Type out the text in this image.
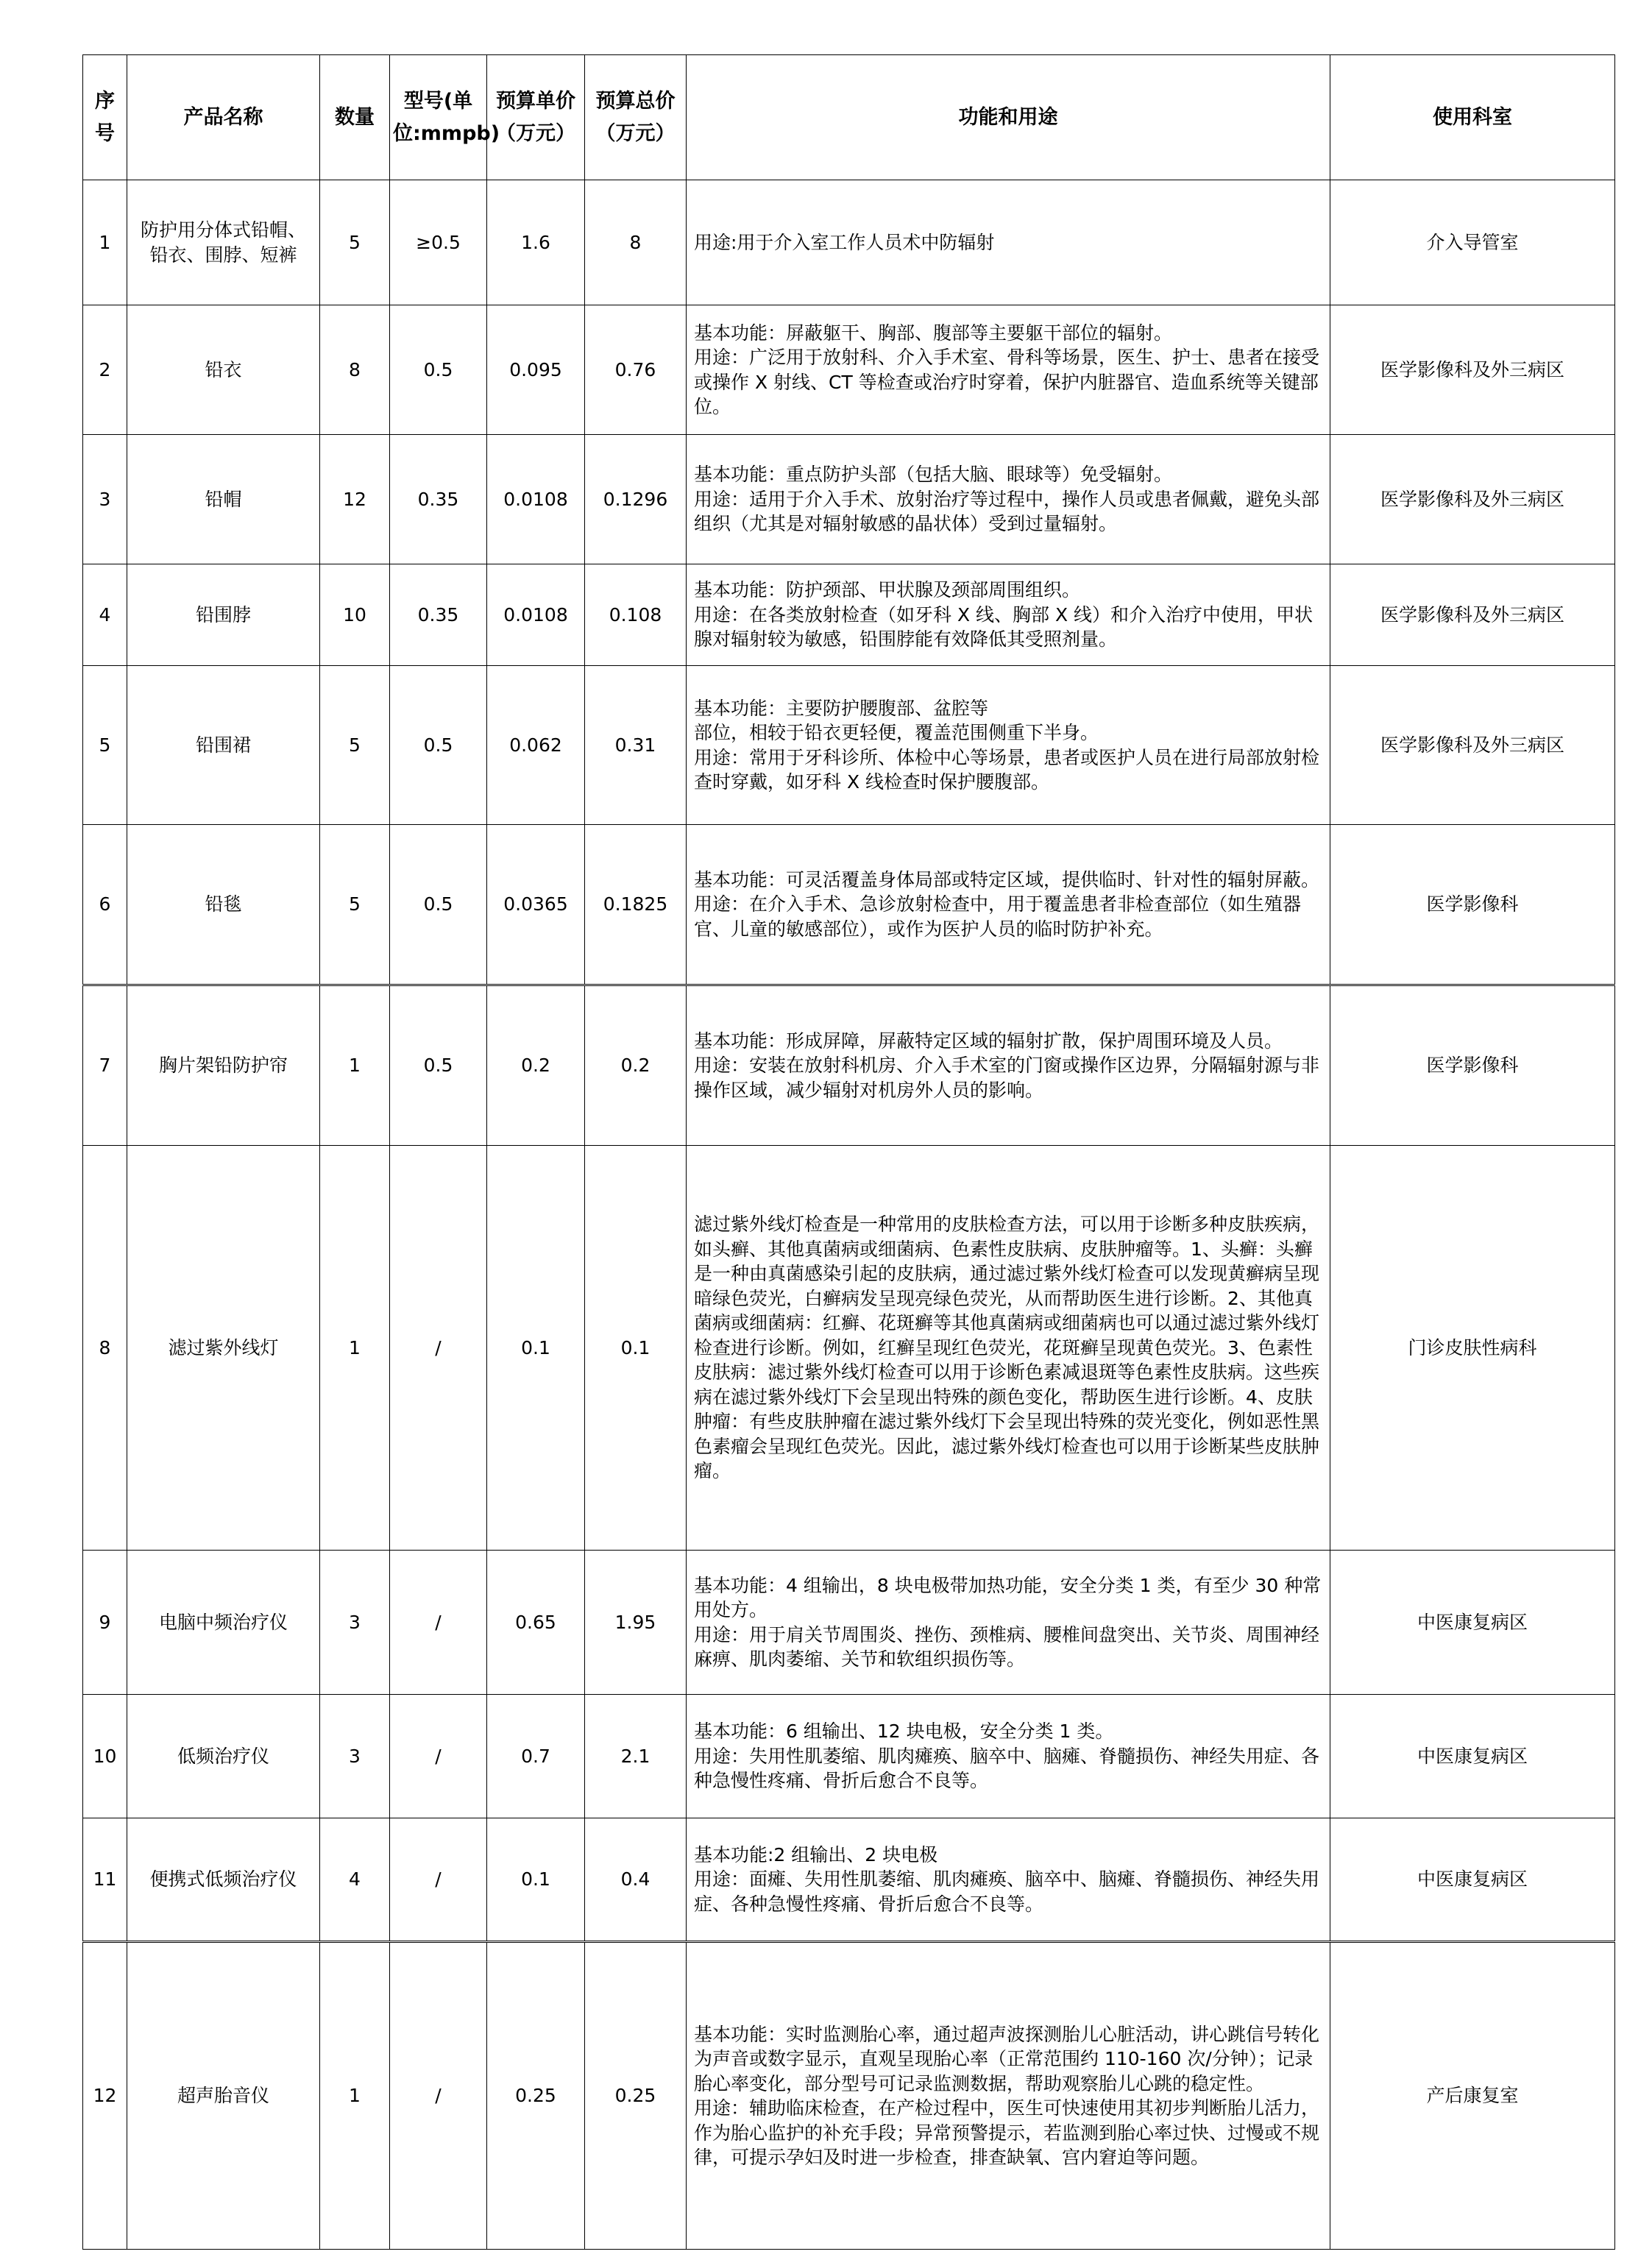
序号	产品名称	数量	型号(单位:mmpb)	预算单价（万元）	预算总价（万元）	功能和用途	使用科室
1	防护用分体式铅帽、铅衣、围脖、短裤	5	≥0.5	1.6	8	用途:用于介入室工作人员术中防辐射	介入导管室
2	铅衣	8	0.5	0.095	0.76	基本功能：屏蔽躯干、胸部、腹部等主要躯干部位的辐射。
用途：广泛用于放射科、介入手术室、骨科等场景，医生、护士、患者在接受或操作 X 射线、CT 等检查或治疗时穿着，保护内脏器官、造血系统等关键部位。	医学影像科及外三病区
3	铅帽	12	0.35	0.0108	0.1296	基本功能：重点防护头部（包括大脑、眼球等）免受辐射。
用途：适用于介入手术、放射治疗等过程中，操作人员或患者佩戴，避免头部组织（尤其是对辐射敏感的晶状体）受到过量辐射。	医学影像科及外三病区
4	铅围脖	10	0.35	0.0108	0.108	基本功能：防护颈部、甲状腺及颈部周围组织。
用途：在各类放射检查（如牙科 X 线、胸部 X 线）和介入治疗中使用，甲状腺对辐射较为敏感，铅围脖能有效降低其受照剂量。	医学影像科及外三病区
5	铅围裙	5	0.5	0.062	0.31	基本功能：主要防护腰腹部、盆腔等
部位，相较于铅衣更轻便，覆盖范围侧重下半身。
用途：常用于牙科诊所、体检中心等场景，患者或医护人员在进行局部放射检查时穿戴，如牙科 X 线检查时保护腰腹部。	医学影像科及外三病区
6	铅毯	5	0.5	0.0365	0.1825	基本功能：可灵活覆盖身体局部或特定区域，提供临时、针对性的辐射屏蔽。
用途：在介入手术、急诊放射检查中，用于覆盖患者非检查部位（如生殖器官、儿童的敏感部位），或作为医护人员的临时防护补充。	医学影像科
7	胸片架铅防护帘	1	0.5	0.2	0.2	基本功能：形成屏障，屏蔽特定区域的辐射扩散，保护周围环境及人员。
用途：安装在放射科机房、介入手术室的门窗或操作区边界，分隔辐射源与非操作区域，减少辐射对机房外人员的影响。	医学影像科
8	滤过紫外线灯	1	/	0.1	0.1	滤过紫外线灯检查是一种常用的皮肤检查方法，可以用于诊断多种皮肤疾病，如头癣、其他真菌病或细菌病、色素性皮肤病、皮肤肿瘤等。1、头癣：头癣是一种由真菌感染引起的皮肤病，通过滤过紫外线灯检查可以发现黄癣病呈现暗绿色荧光，白癣病发呈现亮绿色荧光，从而帮助医生进行诊断。2、其他真菌病或细菌病：红癣、花斑癣等其他真菌病或细菌病也可以通过滤过紫外线灯检查进行诊断。例如，红癣呈现红色荧光，花斑癣呈现黄色荧光。3、色素性皮肤病：滤过紫外线灯检查可以用于诊断色素减退斑等色素性皮肤病。这些疾病在滤过紫外线灯下会呈现出特殊的颜色变化，帮助医生进行诊断。4、皮肤肿瘤：有些皮肤肿瘤在滤过紫外线灯下会呈现出特殊的荧光变化，例如恶性黑色素瘤会呈现红色荧光。因此，滤过紫外线灯检查也可以用于诊断某些皮肤肿瘤。	门诊皮肤性病科
9	电脑中频治疗仪	3	/	0.65	1.95	基本功能：4 组输出，8 块电极带加热功能，安全分类 1 类，有至少 30 种常用处方。
用途：用于肩关节周围炎、挫伤、颈椎病、腰椎间盘突出、关节炎、周围神经麻痹、肌肉萎缩、关节和软组织损伤等。	中医康复病区
10	低频治疗仪	3	/	0.7	2.1	基本功能：6 组输出、12 块电极，安全分类 1 类。
用途：失用性肌萎缩、肌肉瘫痪、脑卒中、脑瘫、脊髓损伤、神经失用症、各种急慢性疼痛、骨折后愈合不良等。	中医康复病区
11	便携式低频治疗仪	4	/	0.1	0.4	基本功能:2 组输出、2 块电极
用途：面瘫、失用性肌萎缩、肌肉瘫痪、脑卒中、脑瘫、脊髓损伤、神经失用症、各种急慢性疼痛、骨折后愈合不良等。	中医康复病区
12	超声胎音仪	1	/	0.25	0.25	基本功能：实时监测胎心率，通过超声波探测胎儿心脏活动，讲心跳信号转化为声音或数字显示，直观呈现胎心率（正常范围约 110-160 次/分钟）；记录胎心率变化，部分型号可记录监测数据，帮助观察胎儿心跳的稳定性。
用途：辅助临床检查，在产检过程中，医生可快速使用其初步判断胎儿活力，作为胎心监护的补充手段；异常预警提示，若监测到胎心率过快、过慢或不规律，可提示孕妇及时进一步检查，排查缺氧、宫内窘迫等问题。	产后康复室
